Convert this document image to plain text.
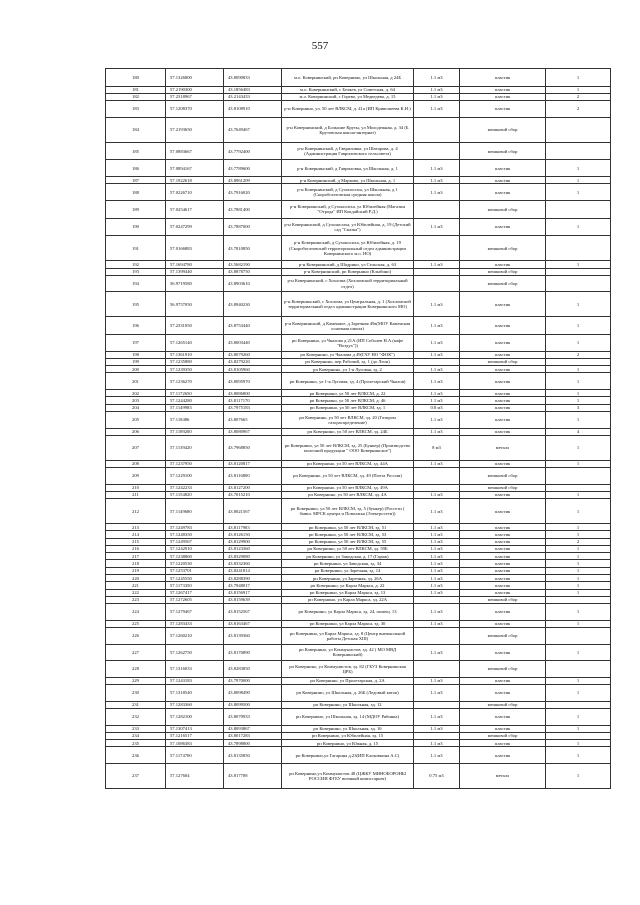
557
180	57.1326800	43.8090833	м.о. Ковернинский, рп Ковернино, ул Школьная, д 24Б	1.1 м3	пластик	1
181	57.2190300	43.1856483	м.о. Ковернинский, с Беляев, ул Советская, д. 64	1.1 м3	пластик	1
182	57.2318967	43.2143433	м.о. Ковернинский, с Горево, ул Медведева, д. 15	1.1 м3	пластик	2
183	57.1208370	43.8108910	р-н Ковернино, ул. 50 лет ВЛКСМ, д. 41а (ИП Кривошеева К.Н.)	1.1 м3	пластик	2
184	57.2193650	43.7649467	р-н Ковернинский, д Большие Круты, ул Молодежная, д. 34 (Б Крутовская школа-интернат)		мешковой сбор	
185	57.0883667	43.7792400	р-н Ковернинский, д Гавриловка, ул Шатарова, д. 4 (Администрация Гавриловского сельсовета)		мешковой сбор	
186	57.0894167	43.7789600	р-н Ковернинский, д Гавриловка, ул Школьная, д. 1	1.1 м3	пластик	1
187	57.1922618	43.8961209	р-н Ковернинский, д Марково, ул Школьная, д. 1	1.1 м3	пластик	1
188	57.0226710	43.7916020	р-н Ковернинский, д Сухоносиха, ул Школьная, д 1 (Скоробогатовская средняя школа)	1.1 м3	пластик	1
189	57.0254617	43.7881400	р-н Ковернинский, д Сухоносиха, ул Юбилейная (Магазин "Отрада" ИП Кокдайский Р.Д.)		мешковой сбор	
190	57.0247299	43.7887000	р-н Ковернинский, д Сухоносиха, ул Юбилейная, д. 19 (Детский сад "Сказка")	1.1 м3	пластик	1
191	57.0166883	43.7810850	р-н Ковернинский, д Сухоносиха, ул Юбилейная, д. 19 (Скоробогатовский территориальный отдел администрации Ковернинского м.о. НО)		мешковой сбор	
192	57.1694780	43.5682190	р-н Ковернинский, д Шадрино, ул Сельская, д. 63	1.1 м3	пластик	1
193	57.1399440	43.8878750	р-н Ковернинский, рп Ковернино (Клыбино)		мешковой сбор	
194	56.9719580	43.8903610	р-н Ковернинский, с Хохлома (Хохломской территориальный отдел)		мешковой сбор	
195	56.9757050	43.8940230	р-н Ковернинский, с Хохлома, ул Центральная, д. 1 (Хохломской территориальный отдел администрации Ковернинского МО)	1.1 м3	пластик	1
196	57.2331050	43.8753440	р-н Ковернинский, д Каменное, д Заречная 49а(МОУ Каменская основная школа)	1.1 м3	пластик	1
197	57.1265140	43.8003440	рп Ковернино, ул Чкалова д 21А (ИП Соболев Н.А.(кафе "Воздух"))	1.1 м3	пластик	1
198	57.1361910	43.8079260	рп Ковернино, ул Чкалова д 49(ГАУ НО "ФОК")	1.1 м3	пластик	2
199	57.1235880	43.8279220	рп Ковернино, пер Рабочий, зд. 1 (до Леон)		мешковой сбор	
200	57.1239350	43.8105960	рп Ковернино, ул 1-я Луговая, зд. 2	1.1 м3	пластик	1
201	57.1236270	43.8095970	рп Ковернино, ул 1-я Луговая, зд. 4 (Пролетарский Чкалов)	1.1 м3	пластик	1
202	57.1172650	43.8086800	рп Ковернино, ул 50 лет ВЛКСМ, д. 22	1.1 м3	пластик	1
203	57.1244280	43.8117170	рп Ковернино, ул 50 лет ВЛКСМ, д. 46	1.1 м3	пластик	1
204	57.1149983	43.7975183	рп Ковернино, ул 50 лет ВЛКСМ, зд. 1	0.8 м3	пластик	3
205	57.118486	43.807665	рп Ковернино, ул 50 лет ВЛКСМ, зд. 20 (Газпром газораспределение)	1.1 м3	пластик	1
206	57.1189200	43.8080967	рп Ковернино, ул 50 лет ВЛКСМ, зд. 24Б	1.1 м3	пластик	4
207	57.1139420	43.7968850	рп Ковернино, ул 50 лет ВЛКСМ, зд. 25 (Бункер) (Производство молочной продукции " ООО Ковернинское")	8 м3	металл	1
208	57.1237950	43.8120817	рп Ковернино, ул 50 лет ВЛКСМ, зд. 44А	1.1 м3	пластик	1
209	57.1229100	43.8116800	рп Ковернино, ул 50 лет ВЛКСМ, зд. 49 (Почта России)		мешковой сбор	
210	57.1242233	43.8127200	рп Ковернино, ул 50 лет ВЛКСМ, зд. 49А		мешковой сбор	
211	57.1154820	43.7015210	рп Ковернино, ул 50 лет ВЛКСМ, зд. 4А	1.1 м3	пластик	1
212	57.1149680	43.8021567	рп Ковернино, ул 50 лет ВЛКСМ, зд. 5 (бункер) (Россети ( бывш. МРСК центра и Поволжья (Электросети))	1.1 м3	пластик	1
213	57.1249783	43.8117983	рп Ковернино, ул 50 лет ВЛКСМ, зд. 51	1.1 м3	пластик	1
214	57.1248350	43.8126150	рп Ковернино, ул 50 лет ВЛКСМ, зд. 53	1.1 м3	пластик	1
215	57.1249567	43.8129900	рп Ковернино, ул 50 лет ВЛКСМ, зд. 55	1.1 м3	пластик	2
216	57.1242910	43.8123360	рп Ковернино, ул 50 лет ВЛКСМ, зд. 59Б	1.1 м3	пластик	1
217	57.1238860	43.8329080	рп Ковернино, ул Заводская, д. 17 (Гараж)	1.1 м3	пластик	1
218	57.1220530	43.8332360	рп Ковернино, ул Заводская, зд. 34	1.1 м3	пластик	1
219	57.1253701	43.8241814	рп Ковернино, ул Заречная, зд. 14	1.1 м3	пластик	1
220	57.1245550	43.8288390	рп Ковернино, ул Заречная, зд. 26А	1.1 м3	пластик	1
221	57.1173350	43.7948017	рп Ковернино, ул Карла Маркса, д. 22	1.1 м3	пластик	1
222	57.1267417	43.8156917	рп Ковернино, ул Карла Маркса, зд. 13	1.1 м3	пластик	1
223	57.1272605	43.8159639	рп Ковернино, ул Карла Маркса, зд. 22А		мешковой сбор	
224	57.1279467	43.8152567	рп Ковернино, ул Карла Маркса, зд. 24, помещ. 13	1.1 м3	пластик	1
225	57.1283433	43.8163467	рп Ковернино, ул Карла Маркса, зд. 30	1.1 м3	пластик	1
226	57.1260210	43.8139360	рп Ковернино, ул Карла Маркса, зд. 8 (Центр внешкольной работы Детская ХШ)		мешковой сбор	
227	57.1262750	43.8170890	рп Ковернино, ул Коммунистов, зд. 42 ( МО МВД Ковернинский)	1.1 м3	пластик	1
228	57.1316033	43.8283850	рп Ковернино, ул Коммунистов, зд. 82 (ГБУЗ Ковернинская ЦРБ)		мешковой сбор	
229	57.1243183	43.7970000	рп Ковернино, ул Пролетарская, д. 2А	1.1 м3	пластик	1
230	57.1318540	43.8098490	рп Ковернино, ул Школьная, д. 26Б (Ледовый каток)	1.1 м3	пластик	1
231	57.1283360	43.8099500	рп Ковернино, ул Школьная, зд. 12		мешковой сбор	
232	57.1282100	43.8070933	рп Ковернино, ул Школьная, зд. 14 (МДОУ Рябинка)	1.1 м3	пластик	1
233	57.1307413	43.8093867	рп Ковернино, ул Школьная, зд. 16	1.1 м3	пластик	1
234	57.1216517	43.8017283	рп Ковернино, ул Юбилейная, зд. 15		мешковой сбор	
235	57.1086383	43.7898800	рп Ковернино, ул Южная, д. 15	1.1 м3	пластик	1
236	57.1174700	43.8135850	рп Ковернино,ул Гагарина д.23(ИП Клоковкина А.С)	1.1 м3	пластик	1
237	57.127604	43.817708	рп Ковернино,ул Коммунистов 48 (ЦЖКУ МИНОБОРОНЫ РОССИИ ФГБУ военный комиссариат)	0.75 м3	металл	1
